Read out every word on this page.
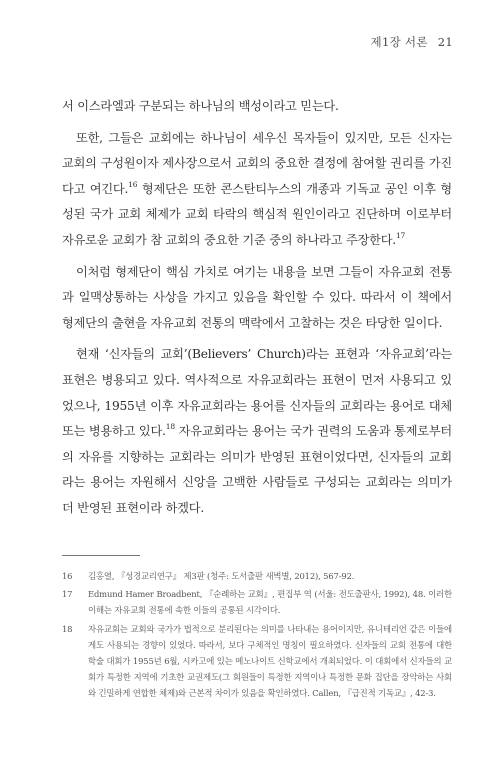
제1장 서론 21

서 이스라엘과 구분되는 하나님의 백성이라고 믿는다.

또한, 그들은 교회에는 하나님이 세우신 목자들이 있지만, 모든 신자는 교회의 구성원이자 제사장으로서 교회의 중요한 결정에 참여할 권리를 가진다고 여긴다.$^{16}$ 형제단은 또한 콘스탄티누스의 개종과 기독교 공인 이후 형성된 국가 교회 체제가 교회 타락의 핵심적 원인이라고 진단하며 이로부터 자유로운 교회가 참 교회의 중요한 기준 중의 하나라고 주장한다.$^{17}$

이처럼 형제단이 핵심 가치로 여기는 내용을 보면 그들이 자유교회 전통과 일맥상통하는 사상을 가지고 있음을 확인할 수 있다. 따라서 이 책에서 형제단의 출현을 자유교회 전통의 맥락에서 고찰하는 것은 타당한 일이다.

현재 ‘신자들의 교회’(Believers’ Church)라는 표현과 ‘자유교회’라는 표현은 병용되고 있다. 역사적으로 자유교회라는 표현이 먼저 사용되고 있었으나, 1955년 이후 자유교회라는 용어를 신자들의 교회라는 용어로 대체 또는 병용하고 있다.$^{18}$ 자유교회라는 용어는 국가 권력의 도움과 통제로부터의 자유를 지향하는 교회라는 의미가 반영된 표현이었다면, 신자들의 교회라는 용어는 자원해서 신앙을 고백한 사람들로 구성되는 교회라는 의미가 더 반영된 표현이라 하겠다.

16	김홍열, 『성경교리연구』 제3판 (청주: 도서출판 새벽별, 2012), 567-92.
17	Edmund Hamer Broadbent, 『순례하는 교회』, 편집부 역 (서울: 전도출판사, 1992), 48. 이러한 이해는 자유교회 전통에 속한 이들의 공통된 시각이다.
18	자유교회는 교회와 국가가 법적으로 분리된다는 의미를 나타내는 용어이지만, 유니테리언 같은 이들에게도 사용되는 경향이 있었다. 따라서, 보다 구체적인 명칭이 필요하였다. 신자들의 교회 전통에 대한 학술 대회가 1955년 6월, 시카고에 있는 메노나이트 신학교에서 개최되었다. 이 대회에서 신자들의 교회가 특정한 지역에 기초한 교권제도(그 회원들이 특정한 지역이나 특정한 문화 집단을 장악하는 사회와 긴밀하게 연합한 체제)와 근본적 차이가 있음을 확인하였다. Callen, 『급진적 기독교』, 42-3.
